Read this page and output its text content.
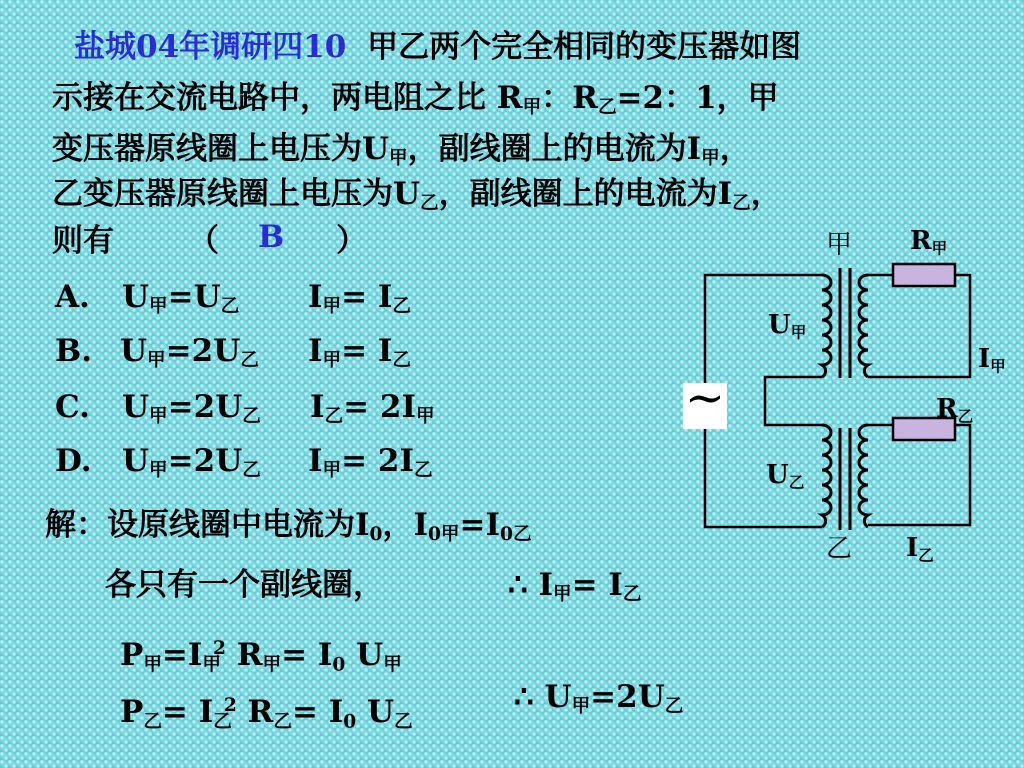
盐城04年调研四10 甲乙两个完全相同的变压器如图
示接在交流电路中，两电阻之比 $R_甲$：$R_乙=2$：1，甲
变压器原线圈上电压为$U_甲$，副线圈上的电流为$I_甲$，
乙变压器原线圈上电压为$U_乙$，副线圈上的电流为$I_乙$，
则有 （ B ）
A. $U_甲=U_乙$ $I_甲= I_乙$
B. $U_甲=2U_乙$ $I_甲= I_乙$
C. $U_甲=2U_乙$ $I_乙= 2I_甲$
D. $U_甲=2U_乙$ $I_甲= 2I_乙$
解：设原线圈中电流为$I_0$，$I_{0甲}=I_{0乙}$
各只有一个副线圈，	∴ $I_甲= I_乙$
$P_甲=I_甲^2$ $R_甲= I_0$ $U_甲$
$P_乙= I_乙^2$ $R_乙= I_0$ $U_乙$
∴ $U_甲=2U_乙$
~
甲
乙
$R_甲$
$R_乙$
$U_甲$
$U_乙$
$I_甲$
$I_乙$
